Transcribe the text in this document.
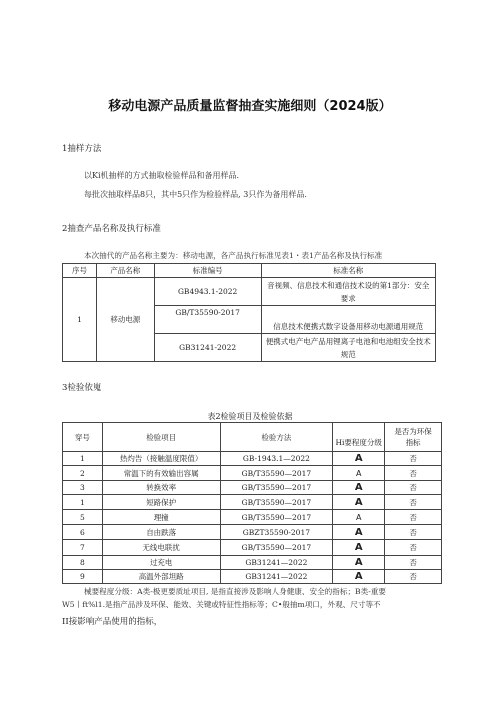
移动电源产品质量监督抽查实施细则（2024版）
1抽样方法
以Ki机抽样的方式抽取检验样品和备用样品.
每批次抽取样品8只，其中5只作为检验样品, 3只作为备用样品.
2抽查产品名称及执行标准
本次抽代的产品名称主要为：移动电源，各产品执行标准见表1・表1产品名称及执行标准
序号	产品名称	标准编号	标准名称
1	移动电源	GB4943.1-2022	音视频、信息技术和通信技术设的第1部分：安全
要求

		GB/T35590-2017	信息技术便携式数字设备用移动电源通用规范
		GB31241-2022	便携式电产电产品用锂离子电池和电池组安全技术
规范
3检验依嵬
表2检验项目及检验依据
穿号	检验项目	检验方法	Hi要程度分级	是否为环保
指标

1	热灼告（接触温度限值）	GB-1943.1—2022	A	否
2	常温下的有效输出容属	GB/T35590—2017	A	否
3	转换效率	GB/T35590—2017	A	否
1	短路保护	GB/T35590—2017	A	否
5	理撞	GB/T35590—2017	A	否
6	自由跌落	GBZT35590-2017	A	否
7	无线电联扰	GB/T35590—2017	A	否
8	过充电	GB31241—2022	A	否
9	高温外部坦路	GB31241—2022	A	否
械要程度分级：A类-极更要质址项目, 是指直接涉及影响人身健康、安全的指标；B类-重要
W5丨ft%l1.是指产品涉及环保、能效、关键或特征性指标等；C•般抽m项口，外观、尺寸等不
II接影响产品使用的指标，
